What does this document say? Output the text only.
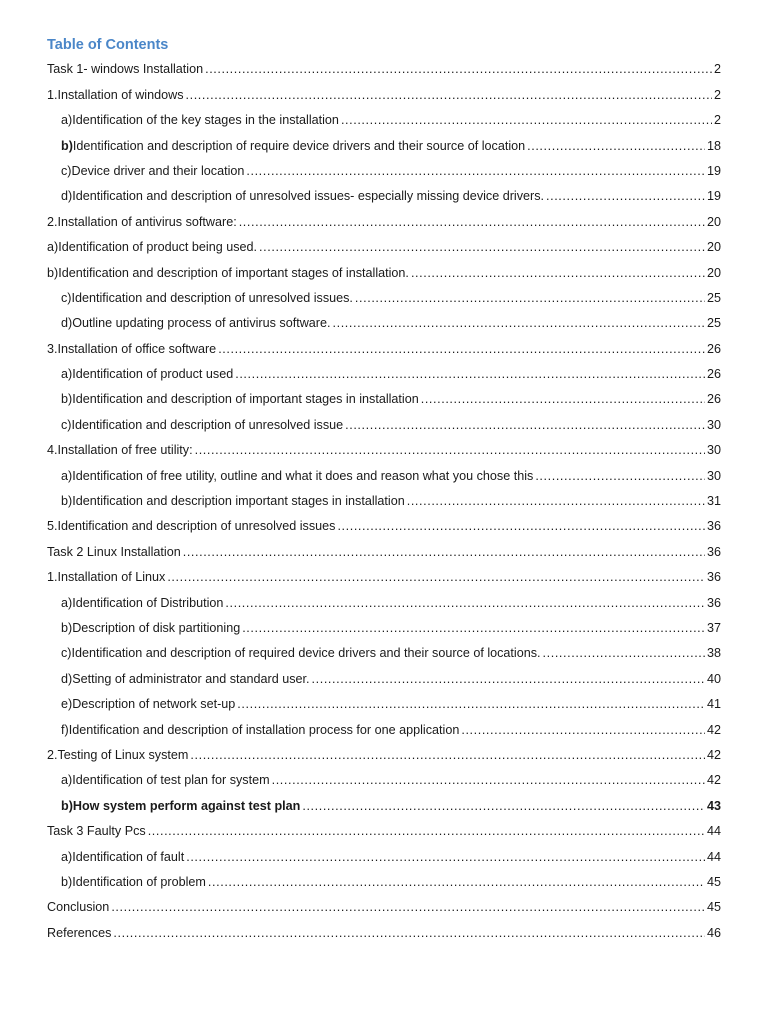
Table of Contents
Task 1- windows Installation .....	2
1.Installation of windows .....	2
a)Identification of the key stages in the installation .....	2
b)Identification and description of require device drivers and their source of location .....	18
c)Device driver and their location .....	19
d)Identification and description of unresolved issues- especially missing device drivers. .....	19
2.Installation of antivirus software: .....	20
a)Identification of product being used. .....	20
b)Identification and description of important stages of installation. .....	20
c)Identification and description of unresolved issues. .....	25
d)Outline updating process of antivirus software. .....	25
3.Installation of office software .....	26
a)Identification of product used .....	26
b)Identification and description of important stages in installation .....	26
c)Identification and description of unresolved issue .....	30
4.Installation of free utility: .....	30
a)Identification of free utility, outline and what it does and reason what you chose this .....	30
b)Identification and description important stages in installation .....	31
5.Identification and description of unresolved issues .....	36
Task 2 Linux Installation .....	36
1.Installation of Linux .....	36
a)Identification of Distribution .....	36
b)Description of disk partitioning .....	37
c)Identification and description of required device drivers and their source of locations. .....	38
d)Setting of administrator and standard user. .....	40
e)Description of network set-up .....	41
f)Identification and description of installation process for one application .....	42
2.Testing of Linux system .....	42
a)Identification of test plan for system .....	42
b)How system perform against test plan .....	43
Task 3 Faulty Pcs .....	44
a)Identification of fault .....	44
b)Identification of problem .....	45
Conclusion .....	45
References .....	46
